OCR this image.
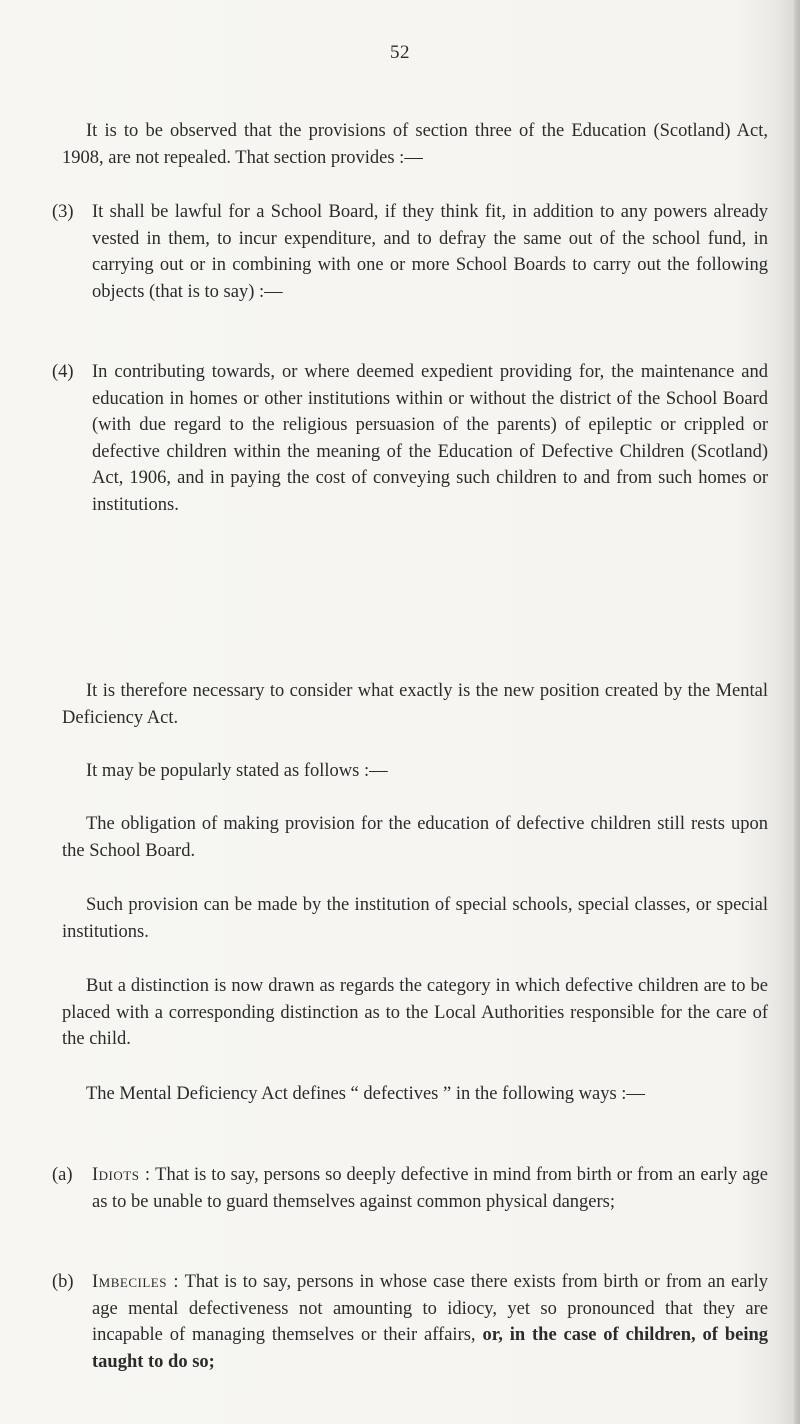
52
It is to be observed that the provisions of section three of the Education (Scotland) Act, 1908, are not repealed. That section provides :—
(3) It shall be lawful for a School Board, if they think fit, in addition to any powers already vested in them, to incur expenditure, and to defray the same out of the school fund, in carrying out or in combining with one or more School Boards to carry out the following objects (that is to say) :—
(4) In contributing towards, or where deemed expedient providing for, the maintenance and education in homes or other institutions within or without the district of the School Board (with due regard to the religious persuasion of the parents) of epileptic or crippled or defective children within the meaning of the Education of Defective Children (Scotland) Act, 1906, and in paying the cost of conveying such children to and from such homes or institutions.
It is therefore necessary to consider what exactly is the new position created by the Mental Deficiency Act.
It may be popularly stated as follows :—
The obligation of making provision for the education of defective children still rests upon the School Board.
Such provision can be made by the institution of special schools, special classes, or special institutions.
But a distinction is now drawn as regards the category in which defective children are to be placed with a corresponding distinction as to the Local Authorities responsible for the care of the child.
The Mental Deficiency Act defines “ defectives ” in the following ways :—
(a)	Idiots : That is to say, persons so deeply defective in mind from birth or from an early age as to be unable to guard themselves against common physical dangers;
(b) Imbeciles : That is to say, persons in whose case there exists from birth or from an early age mental defectiveness not amounting to idiocy, yet so pronounced that they are incapable of managing themselves or their affairs, or, in the case of children, of being taught to do so;
